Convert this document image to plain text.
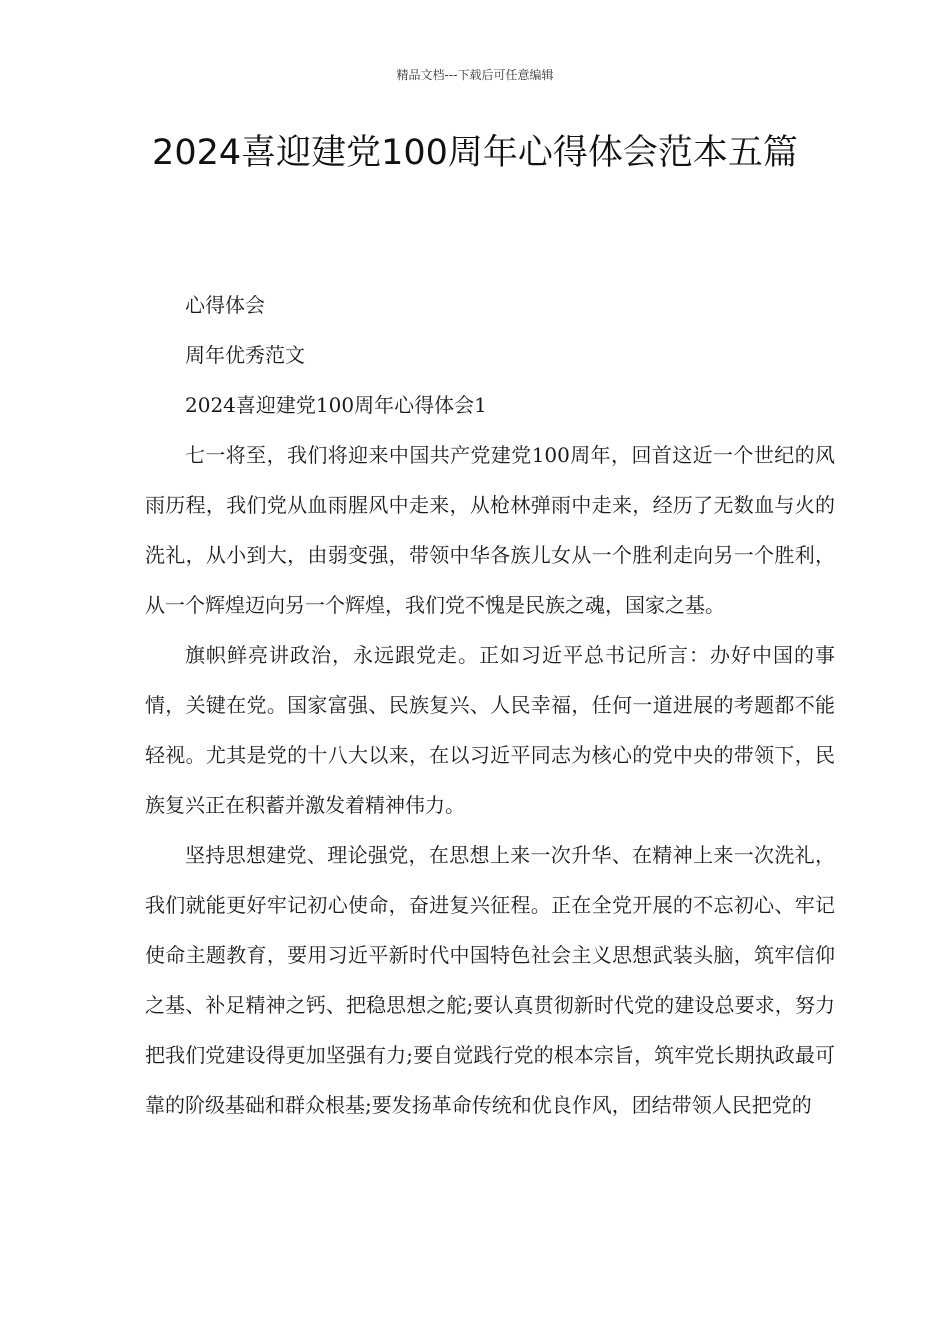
精品文档---下载后可任意编辑
2024喜迎建党100周年心得体会范本五篇

心得体会

周年优秀范文

2024喜迎建党100周年心得体会1

七一将至，我们将迎来中国共产党建党100周年，回首这近一个世纪的风雨历程，我们党从血雨腥风中走来，从枪林弹雨中走来，经历了无数血与火的洗礼，从小到大，由弱变强，带领中华各族儿女从一个胜利走向另一个胜利，从一个辉煌迈向另一个辉煌，我们党不愧是民族之魂，国家之基。

旗帜鲜亮讲政治，永远跟党走。正如习近平总书记所言：办好中国的事情，关键在党。国家富强、民族复兴、人民幸福，任何一道进展的考题都不能轻视。尤其是党的十八大以来，在以习近平同志为核心的党中央的带领下，民族复兴正在积蓄并激发着精神伟力。

坚持思想建党、理论强党，在思想上来一次升华、在精神上来一次洗礼，我们就能更好牢记初心使命，奋进复兴征程。正在全党开展的不忘初心、牢记使命主题教育，要用习近平新时代中国特色社会主义思想武装头脑，筑牢信仰之基、补足精神之钙、把稳思想之舵;要认真贯彻新时代党的建设总要求，努力把我们党建设得更加坚强有力;要自觉践行党的根本宗旨，筑牢党长期执政最可靠的阶级基础和群众根基;要发扬革命传统和优良作风，团结带领人民把党的
